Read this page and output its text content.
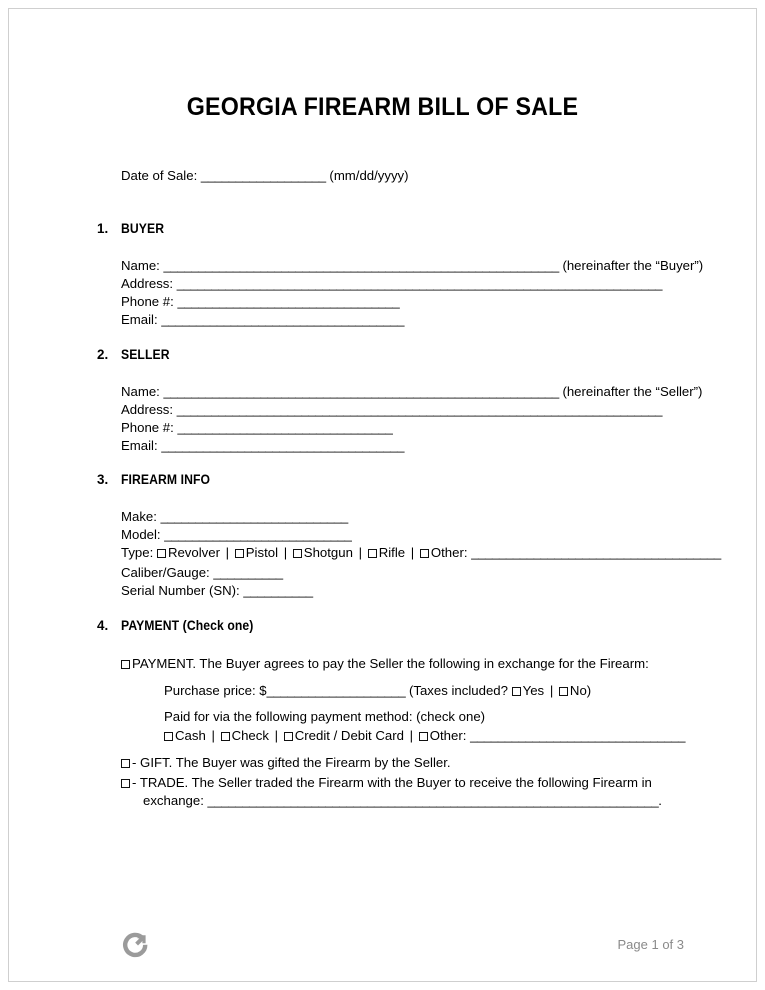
GEORGIA FIREARM BILL OF SALE
Date of Sale: __________________ (mm/dd/yyyy)
1. BUYER
Name: _________________________________________________________ (hereinafter the “Buyer”)
Address: ______________________________________________________________________
Phone #: ________________________________
Email: ___________________________________
2. SELLER
Name: _________________________________________________________ (hereinafter the “Seller”)
Address: ______________________________________________________________________
Phone #: _______________________________
Email: ___________________________________
3. FIREARM INFO
Make: ___________________________
Model: ___________________________
Type: Revolver | Pistol | Shotgun | Rifle | Other: ____________________________________
Caliber/Gauge: __________
Serial Number (SN): __________
4. PAYMENT (Check one)
PAYMENT. The Buyer agrees to pay the Seller the following in exchange for the Firearm:
Purchase price: $____________________ (Taxes included? Yes | No)
Paid for via the following payment method: (check one)
Cash | Check | Credit / Debit Card | Other: _______________________________
- GIFT. The Buyer was gifted the Firearm by the Seller.
- TRADE. The Seller traded the Firearm with the Buyer to receive the following Firearm in
exchange: _________________________________________________________________.
Page 1 of 3
